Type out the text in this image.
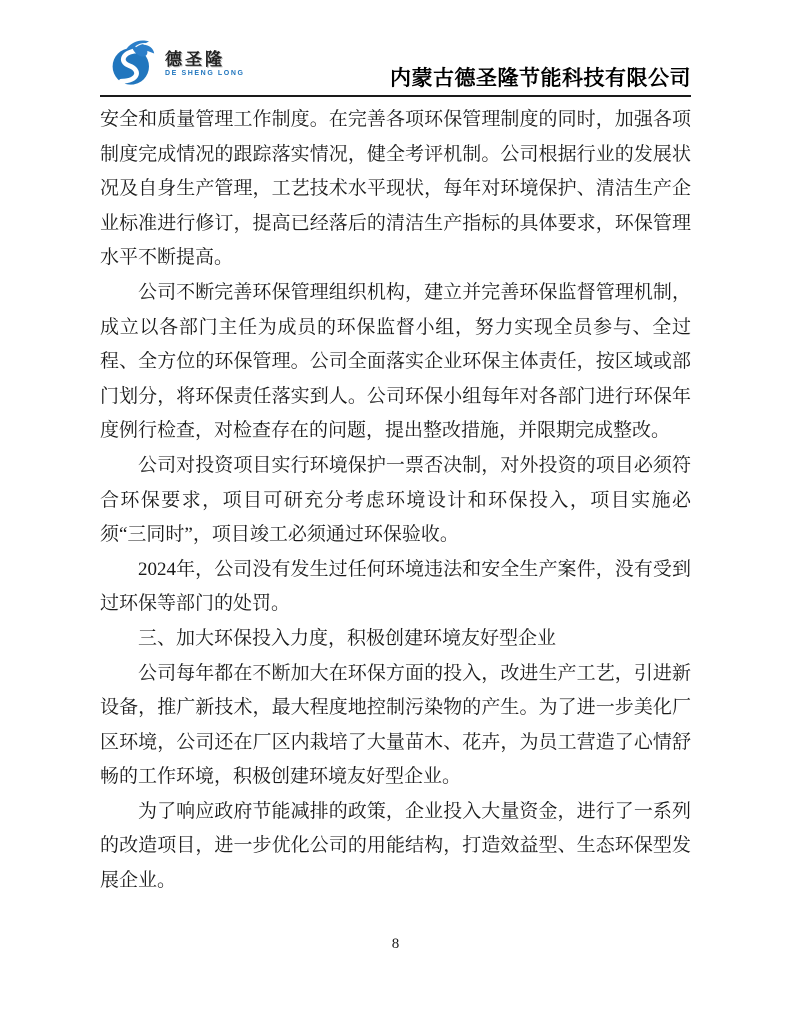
德圣隆
DE SHENG LONG	内蒙古德圣隆节能科技有限公司

安全和质量管理工作制度。在完善各项环保管理制度的同时，加强各项制度完成情况的跟踪落实情况，健全考评机制。公司根据行业的发展状况及自身生产管理，工艺技术水平现状，每年对环境保护、清洁生产企业标准进行修订，提高已经落后的清洁生产指标的具体要求，环保管理水平不断提高。

公司不断完善环保管理组织机构，建立并完善环保监督管理机制，成立以各部门主任为成员的环保监督小组，努力实现全员参与、全过程、全方位的环保管理。公司全面落实企业环保主体责任，按区域或部门划分，将环保责任落实到人。公司环保小组每年对各部门进行环保年度例行检查，对检查存在的问题，提出整改措施，并限期完成整改。

公司对投资项目实行环境保护一票否决制，对外投资的项目必须符合环保要求，项目可研充分考虑环境设计和环保投入，项目实施必须“三同时”，项目竣工必须通过环保验收。

2024年，公司没有发生过任何环境违法和安全生产案件，没有受到过环保等部门的处罚。

三、加大环保投入力度，积极创建环境友好型企业

公司每年都在不断加大在环保方面的投入，改进生产工艺，引进新设备，推广新技术，最大程度地控制污染物的产生。为了进一步美化厂区环境，公司还在厂区内栽培了大量苗木、花卉，为员工营造了心情舒畅的工作环境，积极创建环境友好型企业。

为了响应政府节能减排的政策，企业投入大量资金，进行了一系列的改造项目，进一步优化公司的用能结构，打造效益型、生态环保型发展企业。

8
